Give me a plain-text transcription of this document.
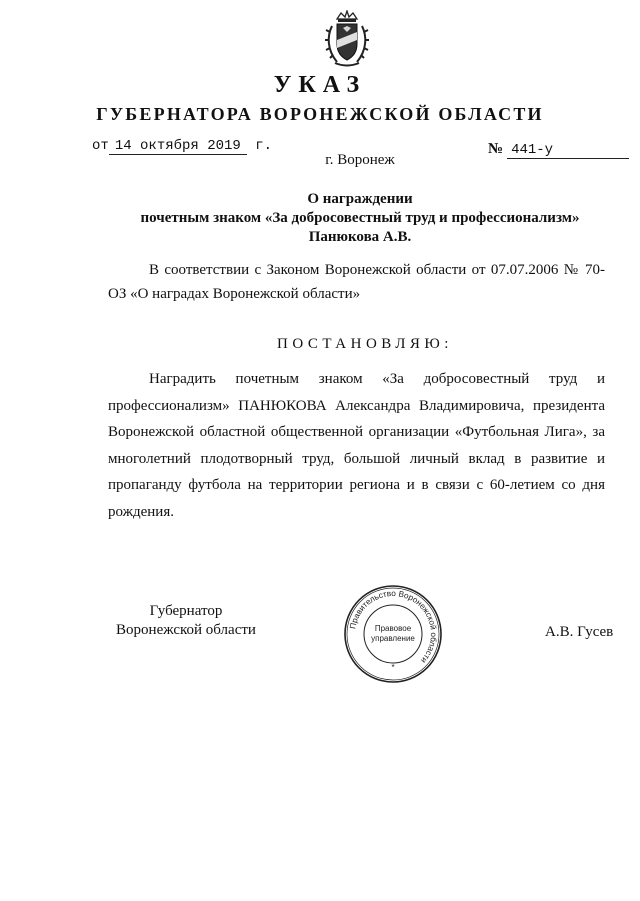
УКАЗ
ГУБЕРНАТОРА ВОРОНЕЖСКОЙ ОБЛАСТИ
от 14 октября 2019 г.	№ 441-у
г. Воронеж
О награждении
почетным знаком «За добросовестный труд и профессионализм»
Панюкова А.В.

В соответствии с Законом Воронежской области от 07.07.2006 № 70-ОЗ «О наградах Воронежской области»

ПОСТАНОВЛЯЮ:

Наградить почетным знаком «За добросовестный труд и профессионализм» ПАНЮКОВА Александра Владимировича, президента Воронежской областной общественной организации «Футбольная Лига», за многолетний плодотворный труд, большой личный вклад в развитие и пропаганду футбола на территории региона и в связи с 60-летием со дня рождения.

Губернатор
Воронежской области	Правительство Воронежской области
Правовое
управление
*
А.В. Гусев
